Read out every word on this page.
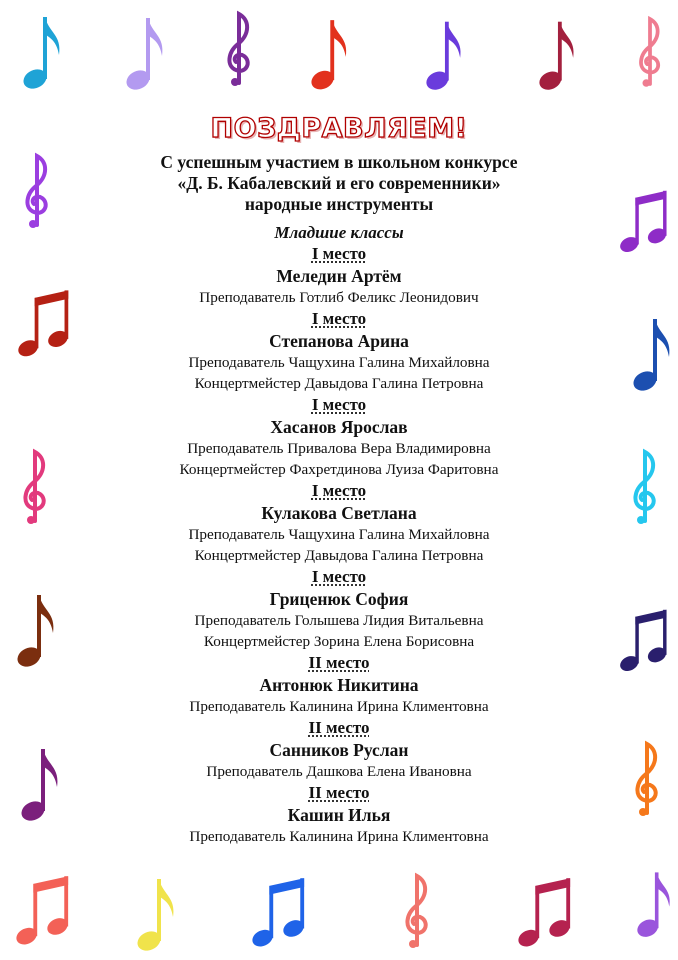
ПОЗДРАВЛЯЕМ!
С успешным участием в школьном конкурсе
«Д. Б. Кабалевский и его современники»
народные инструменты
Младшие классы
I место
Меледин Артём
Преподаватель Готлиб Феликс Леонидович
I место
Степанова Арина
Преподаватель Чащухина Галина Михайловна
Концертмейстер Давыдова Галина Петровна
I место
Хасанов Ярослав
Преподаватель Привалова Вера Владимировна
Концертмейстер Фахретдинова Луиза Фаритовна
I место
Кулакова Светлана
Преподаватель Чащухина Галина Михайловна
Концертмейстер Давыдова Галина Петровна
I место
Гриценюк София
Преподаватель Голышева Лидия Витальевна
Концертмейстер Зорина Елена Борисовна
II место
Антонюк Никитина
Преподаватель Калинина Ирина Климентовна
II место
Санников Руслан
Преподаватель Дашкова Елена Ивановна
II место
Кашин Илья
Преподаватель Калинина Ирина Климентовна
